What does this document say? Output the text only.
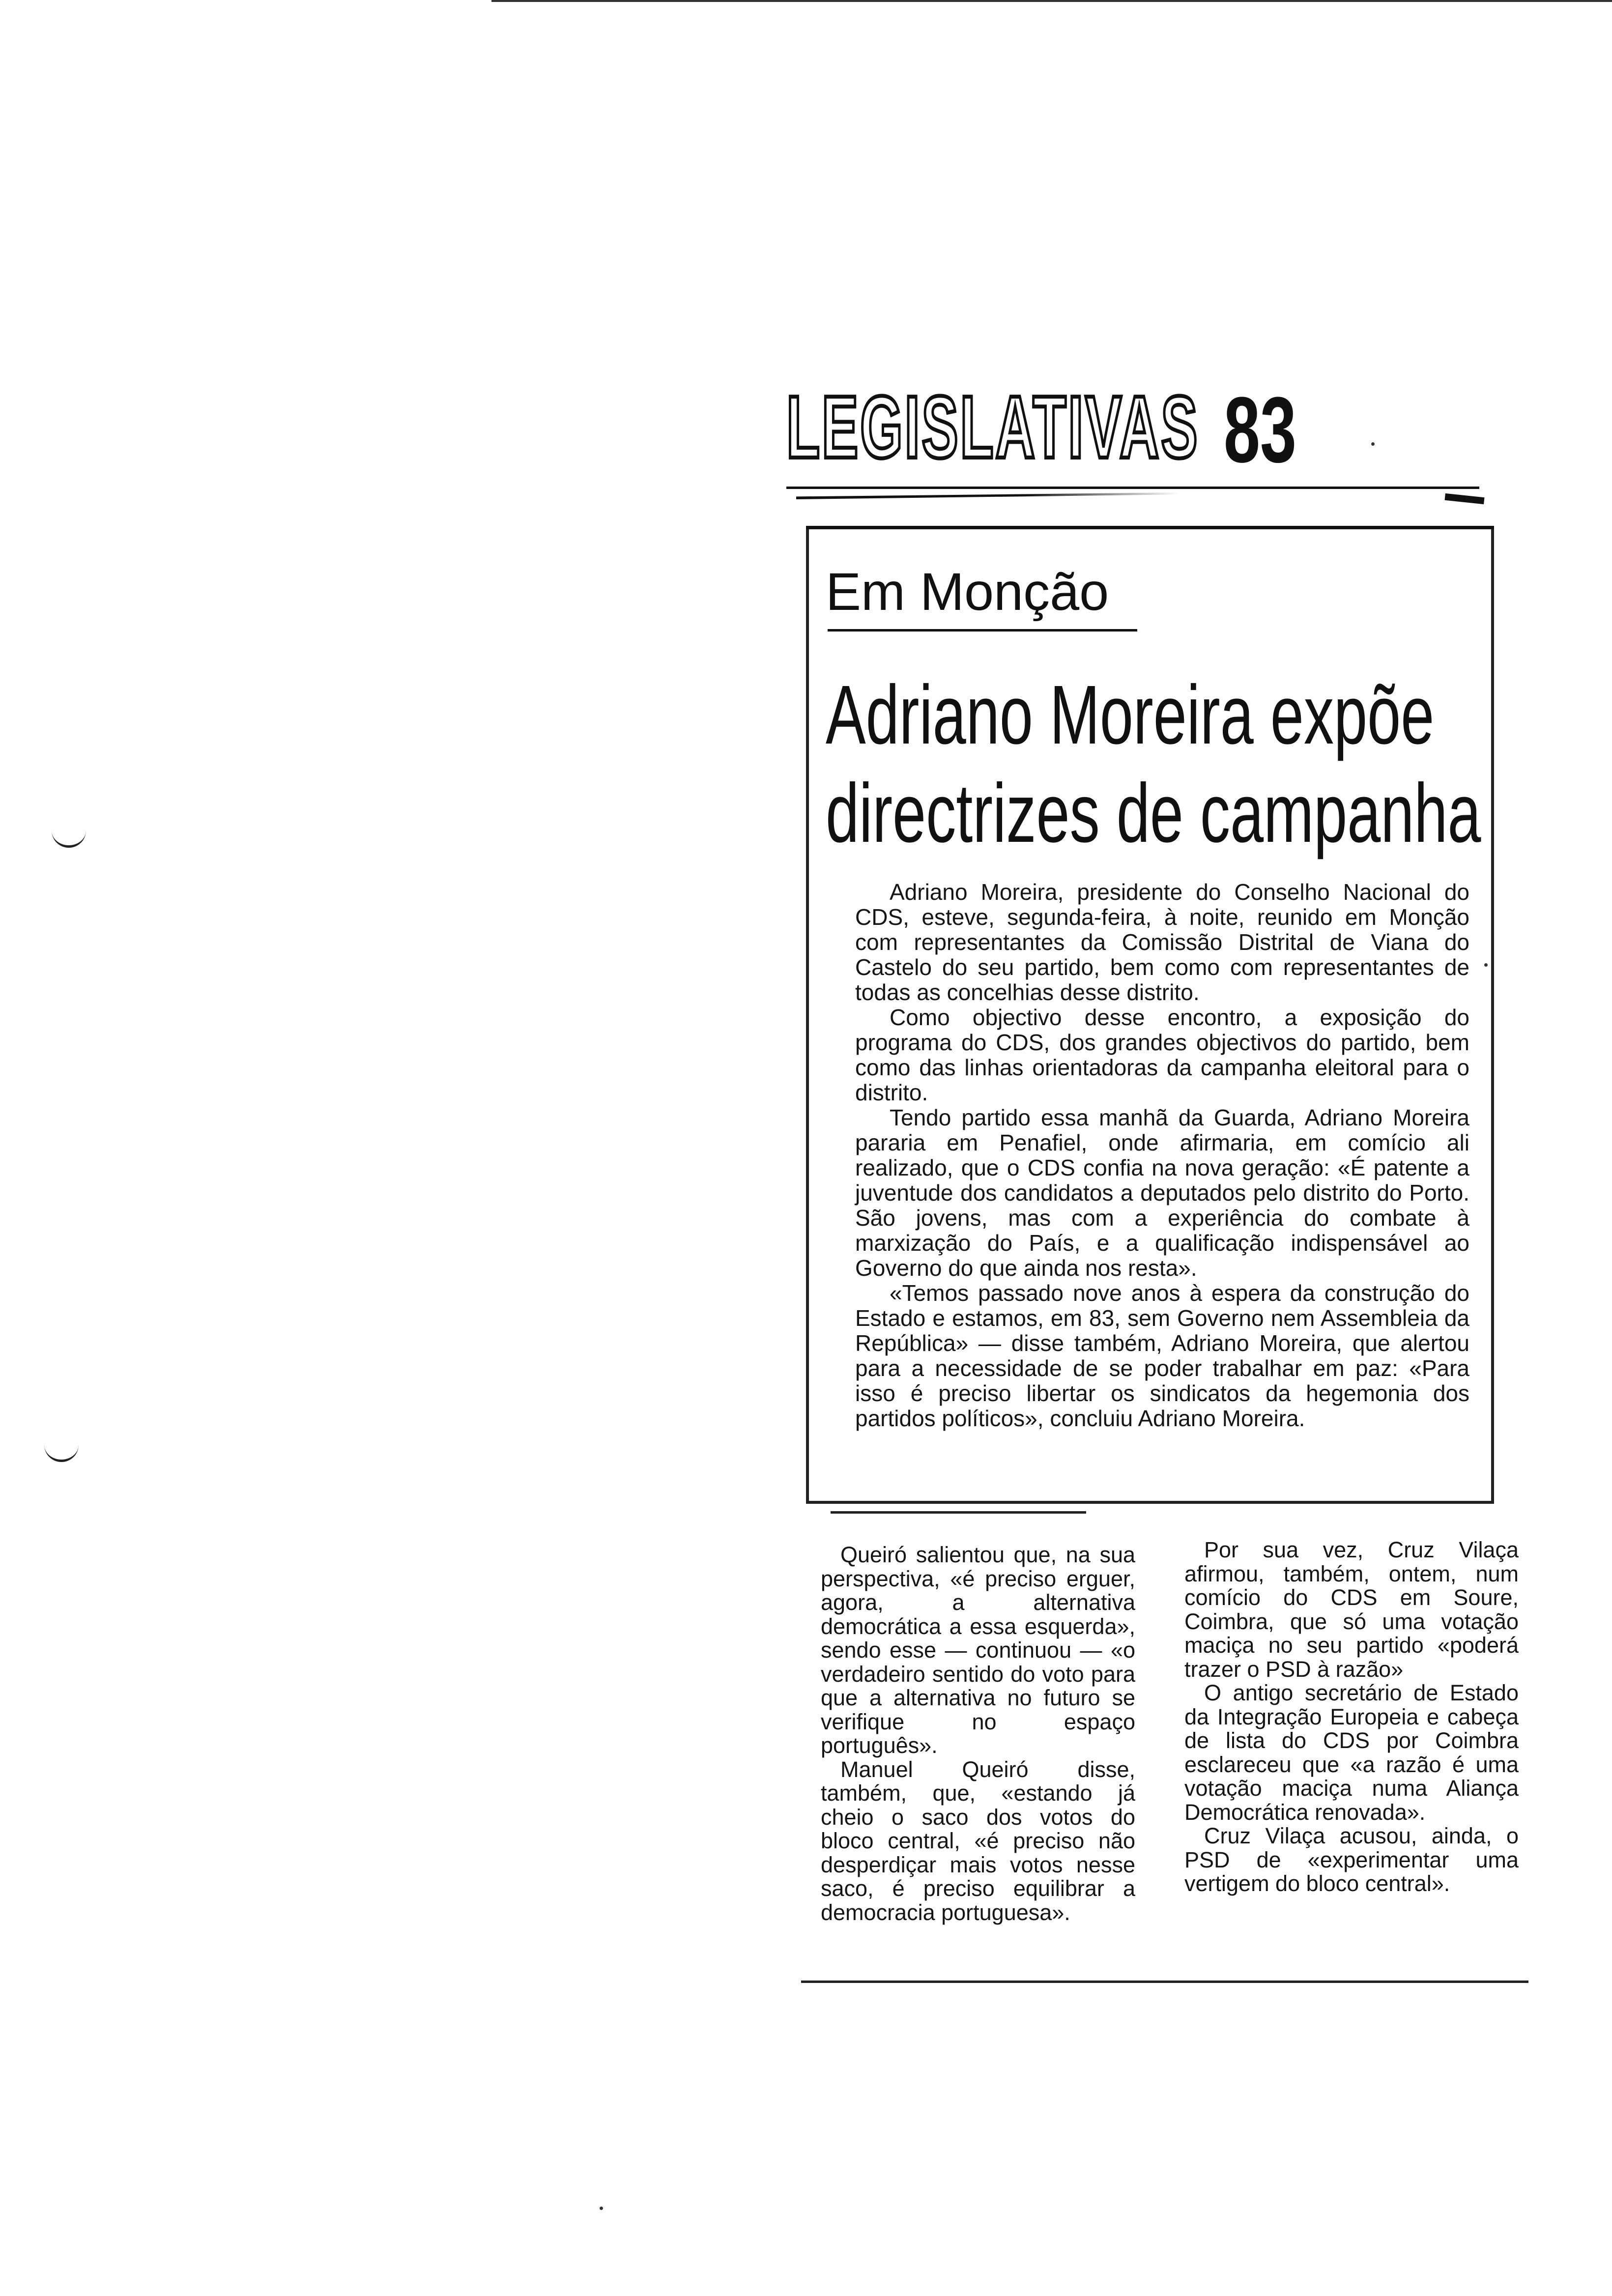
LEGISLATIVAS 83
Em Monção
Adriano Moreira expõe
directrizes de campanha

Adriano Moreira, presidente do Conselho Nacional do CDS, esteve, segunda-feira, à noite, reunido em Monção com representantes da Comissão Distrital de Viana do Castelo do seu partido, bem como com representantes de todas as concelhias desse distrito.

Como objectivo desse encontro, a exposição do programa do CDS, dos grandes objectivos do partido, bem como das linhas orientadoras da campanha eleitoral para o distrito.

Tendo partido essa manhã da Guarda, Adriano Moreira pararia em Penafiel, onde afirmaria, em comício ali realizado, que o CDS confia na nova geração: «É patente a juventude dos candidatos a deputados pelo distrito do Porto. São jovens, mas com a experiência do combate à marxização do País, e a qualificação indispensável ao Governo do que ainda nos resta».

«Temos passado nove anos à espera da construção do Estado e estamos, em 83, sem Governo nem Assembleia da República» — disse também, Adriano Moreira, que alertou para a necessidade de se poder trabalhar em paz: «Para isso é preciso libertar os sindicatos da hegemonia dos partidos políticos», concluiu Adriano Moreira.

Queiró salientou que, na sua perspectiva, «é preciso erguer, agora, a alternativa democrática a essa esquerda», sendo esse — continuou — «o verdadeiro sentido do voto para que a alternativa no futuro se verifique no espaço português».

Manuel Queiró disse, também, que, «estando já cheio o saco dos votos do bloco central, «é preciso não desperdiçar mais votos nesse saco, é preciso equilibrar a democracia portuguesa».

Por sua vez, Cruz Vilaça afirmou, também, ontem, num comício do CDS em Soure, Coimbra, que só uma votação maciça no seu partido «poderá trazer o PSD à razão»

O antigo secretário de Estado da Integração Europeia e cabeça de lista do CDS por Coimbra esclareceu que «a razão é uma votação maciça numa Aliança Democrática renovada».

Cruz Vilaça acusou, ainda, o PSD de «experimentar uma vertigem do bloco central».
